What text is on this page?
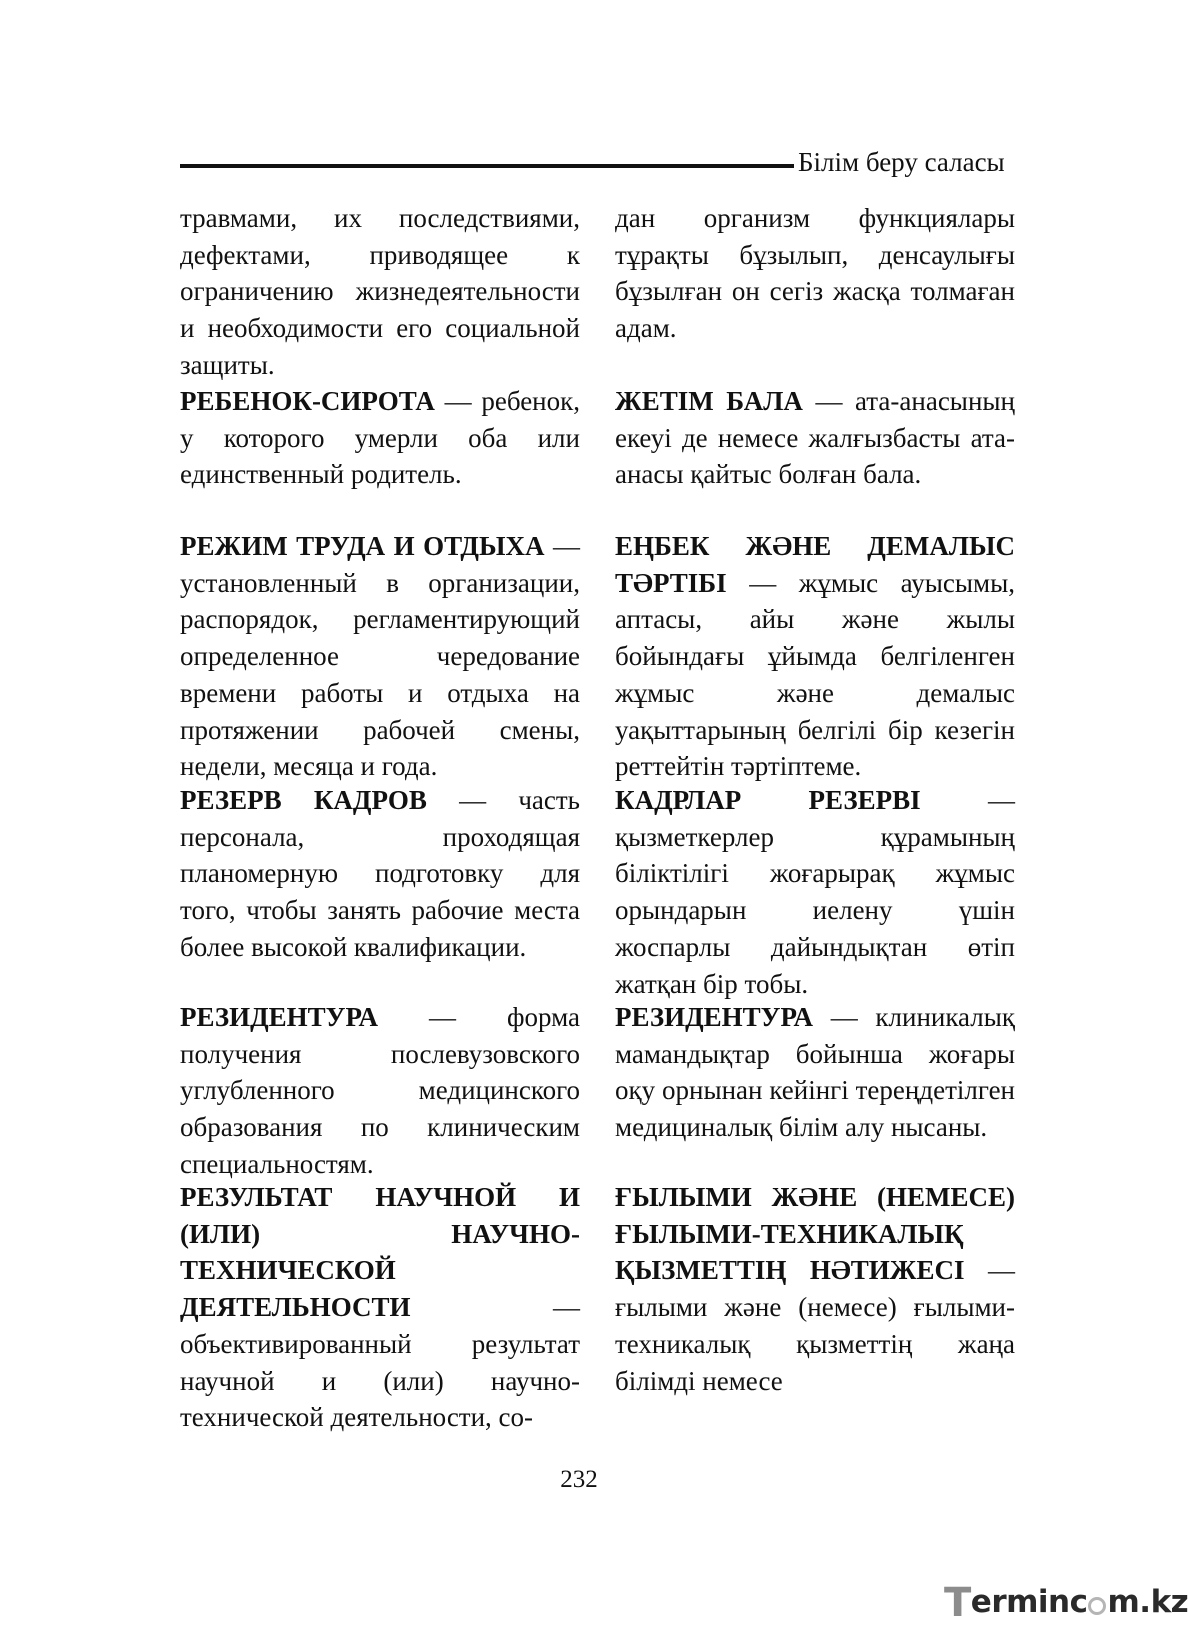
Білім беру саласы

травмами, их последствиями, дефектами, приводящее к ограничению жизнедеятельности и необходимости его социальной защиты.

РЕБЕНОК-СИРОТА — ребенок, у которого умерли оба или единственный родитель.

РЕЖИМ ТРУДА И ОТДЫХА — установленный в организации, распорядок, регламентирующий определенное чередование времени работы и отдыха на протяжении рабочей смены, недели, месяца и года.

РЕЗЕРВ КАДРОВ — часть персонала, проходящая планомерную подготовку для того, чтобы занять рабочие места более высокой квалификации.

РЕЗИДЕНТУРА — форма получения послевузовского углубленного медицинского образования по клиническим специальностям.

РЕЗУЛЬТАТ НАУЧНОЙ И (ИЛИ) НАУЧНО-ТЕХНИЧЕСКОЙ ДЕЯТЕЛЬНОСТИ	— объективированный результат научной и (или) научно-технической деятельности, со-

дан организм функциялары тұрақты бұзылып, денсаулығы бұзылған он сегіз жасқа толмаған адам.

ЖЕТІМ БАЛА — ата-анасының екеуі де немесе жалғызбасты ата-анасы қайтыс болған бала.

ЕҢБЕК ЖӘНЕ ДЕМАЛЫС ТӘРТІБІ — жұмыс ауысымы, аптасы, айы және жылы бойындағы ұйымда белгіленген жұмыс және демалыс уақыттарының белгілі бір кезегін реттейтін тәртіптеме.

КАДРЛАР РЕЗЕРВІ — қызметкерлер құрамының біліктілігі жоғарырақ жұмыс орындарын иелену үшін жоспарлы дайындықтан өтіп жатқан бір тобы.

РЕЗИДЕНТУРА — клиникалық мамандықтар бойынша жоғары оқу орнынан кейінгі тереңдетілген медициналық білім алу нысаны.

ҒЫЛЫМИ ЖӘНЕ (НЕМЕСЕ) ҒЫЛЫМИ-ТЕХНИКАЛЫҚ ҚЫЗМЕТТІҢ НӘТИЖЕСІ — ғылыми және (немесе) ғылыми-техникалық қызметтің жаңа білімді немесе

232
Terminc m.kz
